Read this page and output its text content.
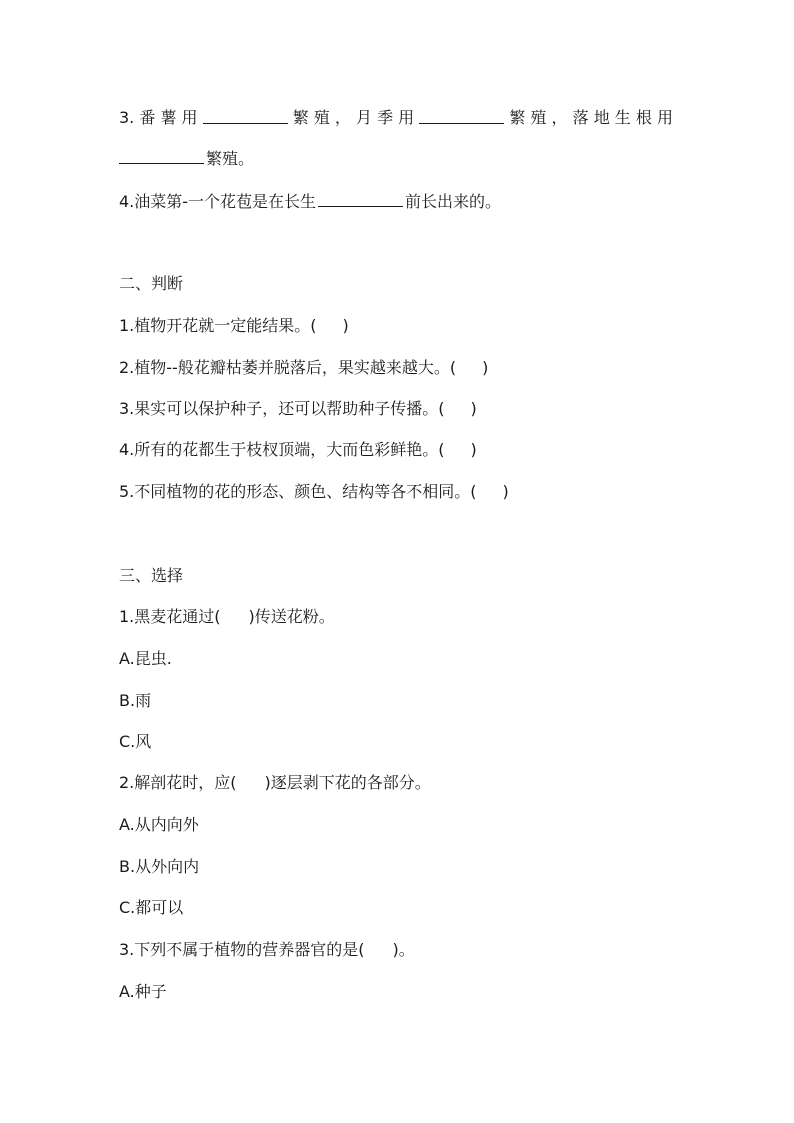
3. 番 薯 用	繁 殖 ， 月 季 用	繁 殖 ， 落 地 生 根 用
繁殖。
4.油菜第-一个花苞是在长生	前长出来的。
二、判断
1.植物开花就一定能结果。( )
2.植物--般花瓣枯萎并脱落后，果实越来越大。( )
3.果实可以保护种子，还可以帮助种子传播。( )
4.所有的花都生于枝杈顶端，大而色彩鲜艳。( )
5.不同植物的花的形态、颜色、结构等各不相同。( )
三、选择
1.黑麦花通过( )传送花粉。
A.昆虫.
B.雨
C.风
2.解剖花时，应( )逐层剥下花的各部分。
A.从内向外
B.从外向内
C.都可以
3.下列不属于植物的营养器官的是( )。
A.种子
